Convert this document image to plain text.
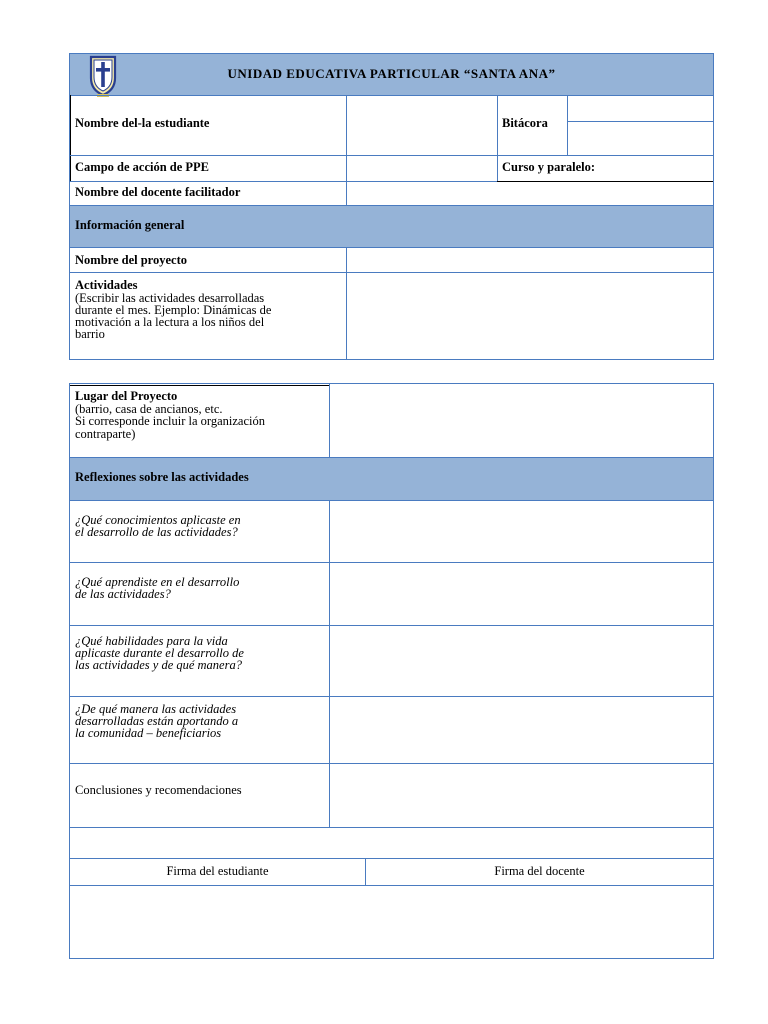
UNIDAD EDUCATIVA PARTICULAR “SANTA ANA”
Nombre del-la estudiante	Bitácora
Campo de acción de PPE	Curso y paralelo:
Nombre del docente facilitador
Información general
Nombre del proyecto
Actividades
(Escribir las actividades desarrolladas
durante el mes. Ejemplo: Dinámicas de
motivación a la lectura a los niños del
barrio
Lugar del Proyecto
(barrio, casa de ancianos, etc.
Si corresponde incluir la organización
contraparte)
Reflexiones sobre las actividades
¿Qué conocimientos aplicaste en
el desarrollo de las actividades?
¿Qué aprendiste en el desarrollo
de las actividades?
¿Qué habilidades para la vida
aplicaste durante el desarrollo de
las actividades y de qué manera?
¿De qué manera las actividades
desarrolladas están aportando a
la comunidad – beneficiarios
Conclusiones y recomendaciones
Firma del estudiante	Firma del docente
